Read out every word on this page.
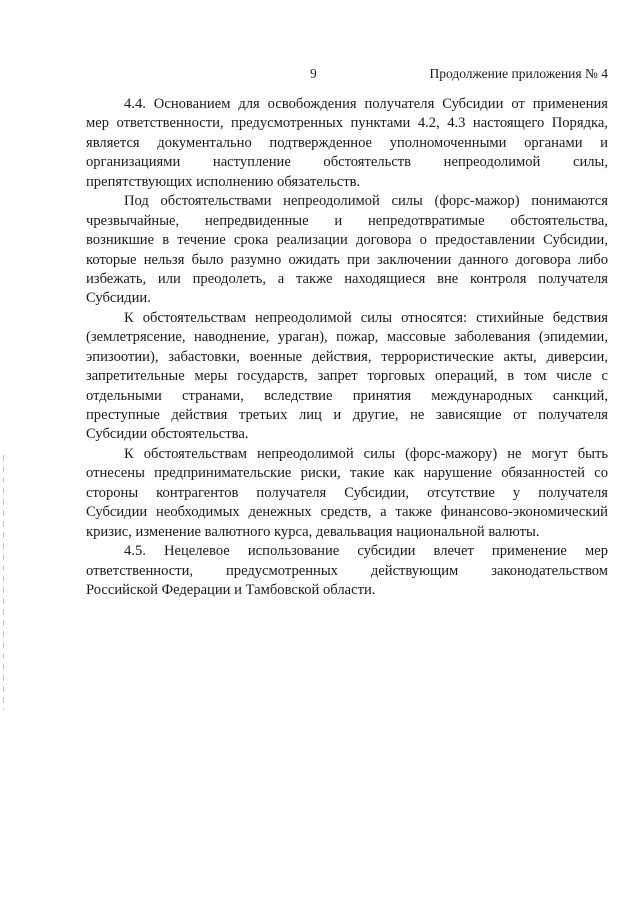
9	Продолжение приложения № 4
4.4. Основанием для освобождения получателя Субсидии от применения
мер ответственности, предусмотренных пунктами 4.2, 4.3 настоящего Порядка,
является документально подтвержденное уполномоченными органами и
организациями наступление обстоятельств непреодолимой силы,
препятствующих исполнению обязательств.
Под обстоятельствами непреодолимой силы (форс-мажор) понимаются
чрезвычайные, непредвиденные и непредотвратимые обстоятельства,
возникшие в течение срока реализации договора о предоставлении Субсидии,
которые нельзя было разумно ожидать при заключении данного договора либо
избежать, или преодолеть, а также находящиеся вне контроля получателя
Субсидии.
К обстоятельствам непреодолимой силы относятся: стихийные бедствия
(землетрясение, наводнение, ураган), пожар, массовые заболевания (эпидемии,
эпизоотии), забастовки, военные действия, террористические акты, диверсии,
запретительные меры государств, запрет торговых операций, в том числе с
отдельными странами, вследствие принятия международных санкций,
преступные действия третьих лиц и другие, не зависящие от получателя
Субсидии обстоятельства.
К обстоятельствам непреодолимой силы (форс-мажору) не могут быть
отнесены предпринимательские риски, такие как нарушение обязанностей со
стороны контрагентов получателя Субсидии, отсутствие у получателя
Субсидии необходимых денежных средств, а также финансово-экономический
кризис, изменение валютного курса, девальвация национальной валюты.
4.5. Нецелевое использование субсидии влечет применение мер
ответственности, предусмотренных действующим законодательством
Российской Федерации и Тамбовской области.
